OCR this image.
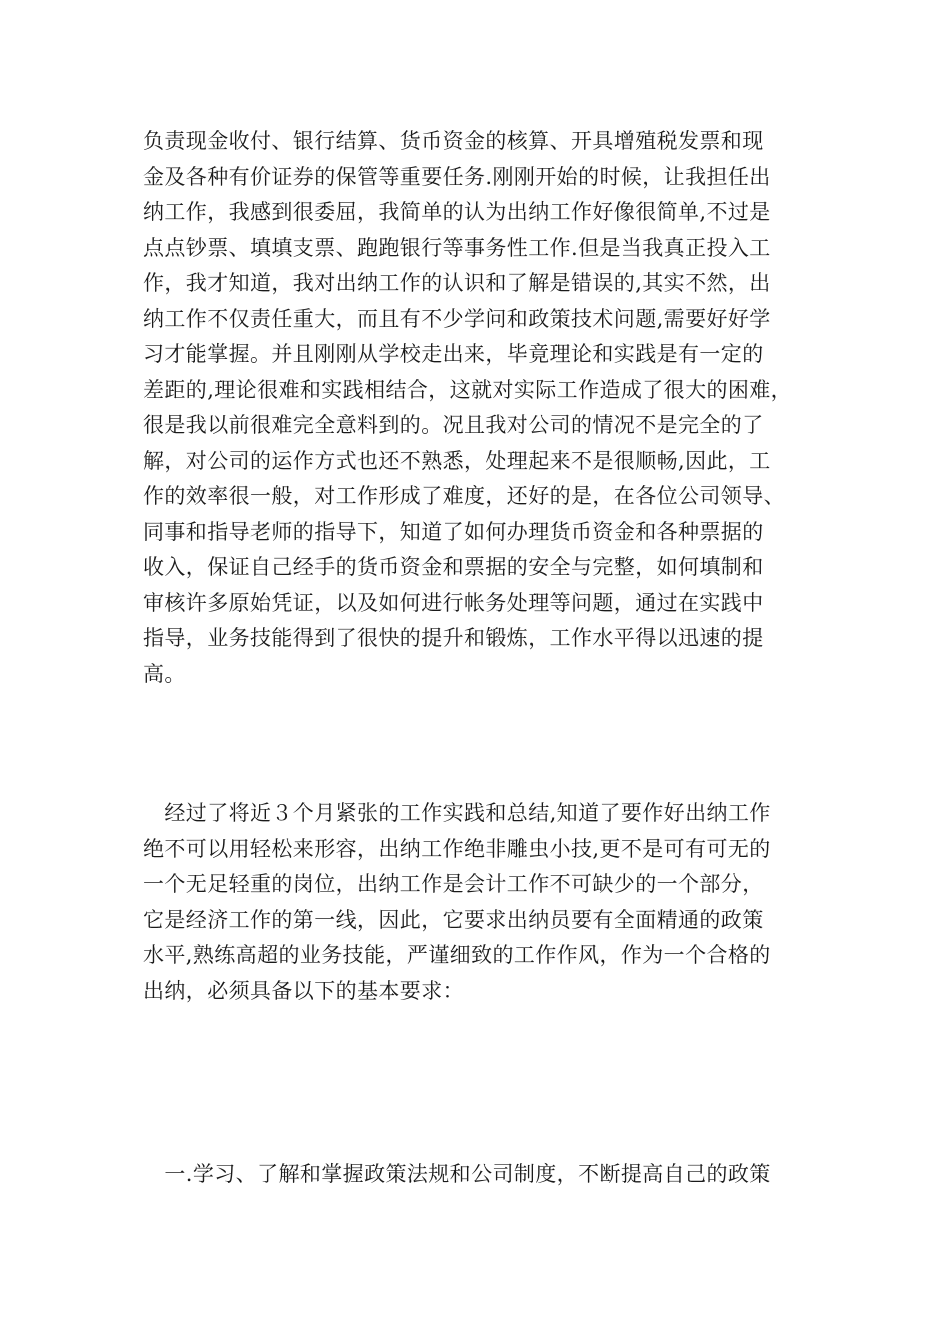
负责现金收付、银行结算、货币资金的核算、开具增殖税发票和现
金及各种有价证券的保管等重要任务.刚刚开始的时候，让我担任出
纳工作，我感到很委屈，我简单的认为出纳工作好像很简单,不过是
点点钞票、填填支票、跑跑银行等事务性工作.但是当我真正投入工
作，我才知道，我对出纳工作的认识和了解是错误的,其实不然，出
纳工作不仅责任重大，而且有不少学问和政策技术问题,需要好好学
习才能掌握。并且刚刚从学校走出来，毕竟理论和实践是有一定的
差距的,理论很难和实践相结合，这就对实际工作造成了很大的困难，
很是我以前很难完全意料到的。况且我对公司的情况不是完全的了
解，对公司的运作方式也还不熟悉，处理起来不是很顺畅,因此，工
作的效率很一般，对工作形成了难度，还好的是，在各位公司领导、
同事和指导老师的指导下，知道了如何办理货币资金和各种票据的
收入，保证自己经手的货币资金和票据的安全与完整，如何填制和
审核许多原始凭证，以及如何进行帐务处理等问题，通过在实践中
指导，业务技能得到了很快的提升和锻炼，工作水平得以迅速的提
高。
　经过了将近３个月紧张的工作实践和总结,知道了要作好出纳工作
绝不可以用轻松来形容，出纳工作绝非雕虫小技,更不是可有可无的
一个无足轻重的岗位，出纳工作是会计工作不可缺少的一个部分，
它是经济工作的第一线，因此，它要求出纳员要有全面精通的政策
水平,熟练高超的业务技能，严谨细致的工作作风，作为一个合格的
出纳，必须具备以下的基本要求：
　一.学习、了解和掌握政策法规和公司制度，不断提高自己的政策
